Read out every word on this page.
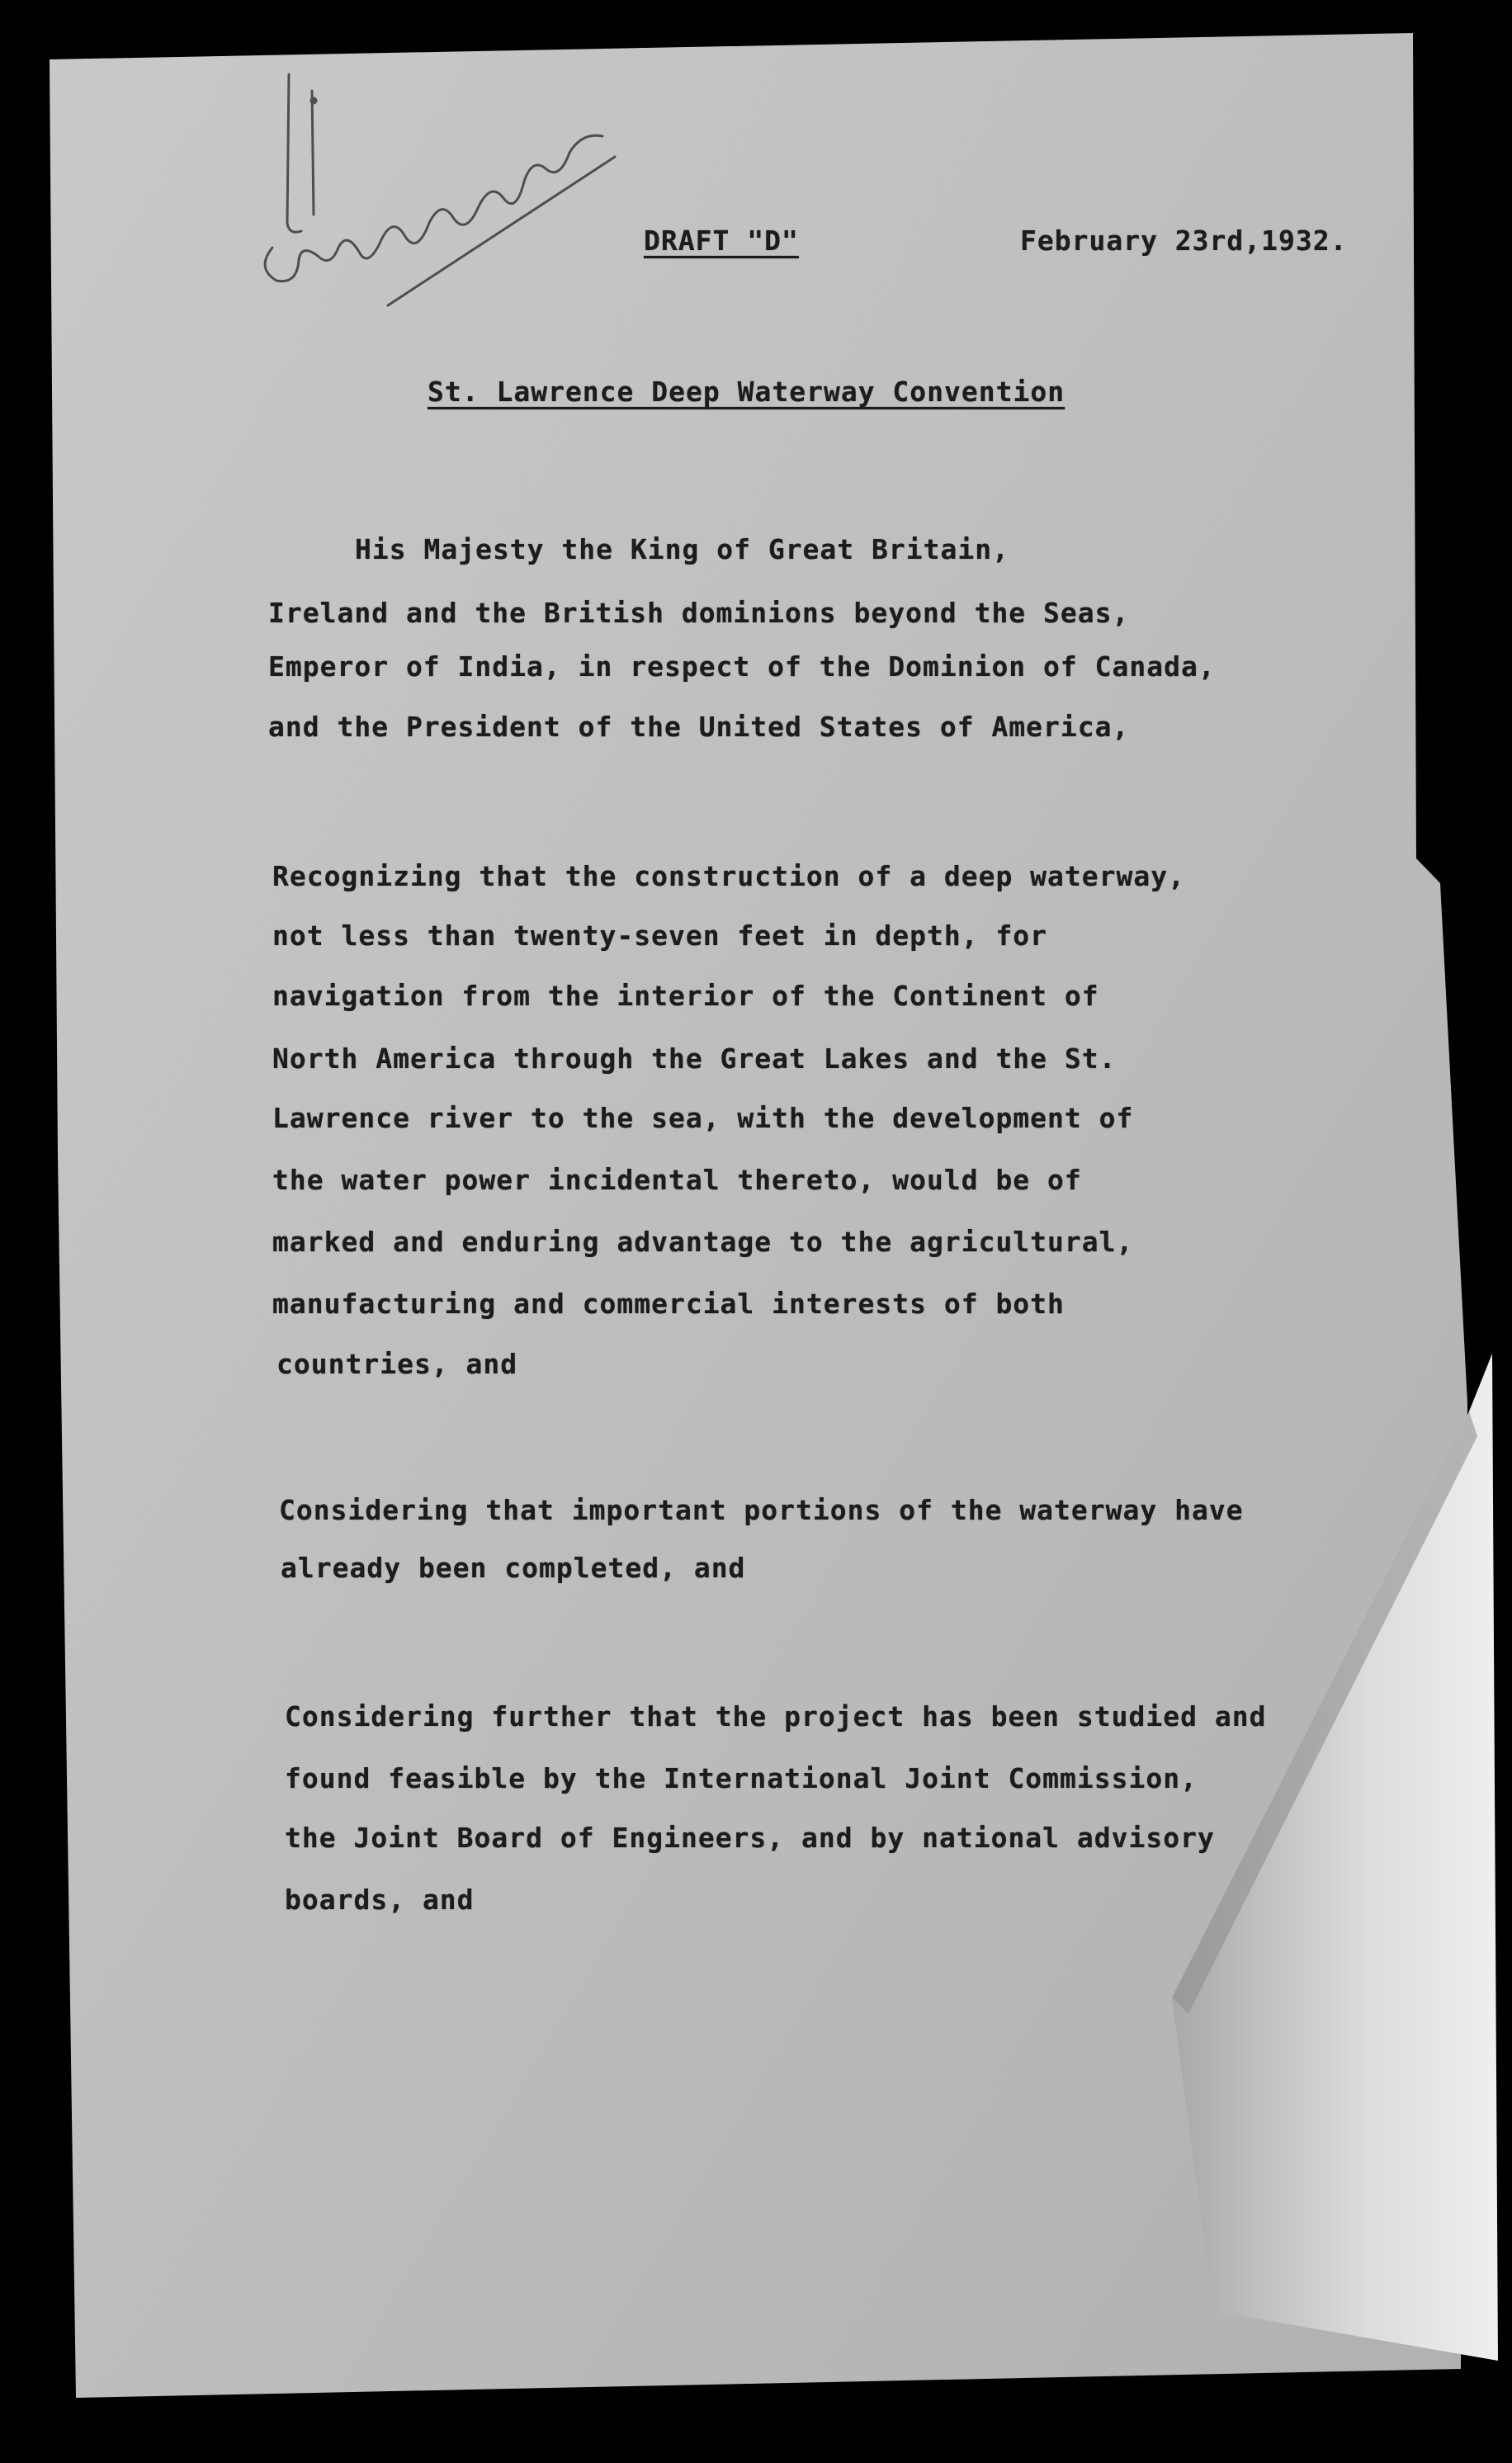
DRAFT "D"	February 23rd,1932.
St. Lawrence Deep Waterway Convention
His Majesty the King of Great Britain,
Ireland and the British dominions beyond the Seas,
Emperor of India, in respect of the Dominion of Canada,
and the President of the United States of America,
Recognizing that the construction of a deep waterway,
not less than twenty-seven feet in depth, for
navigation from the interior of the Continent of
North America through the Great Lakes and the St.
Lawrence river to the sea, with the development of
the water power incidental thereto, would be of
marked and enduring advantage to the agricultural,
manufacturing and commercial interests of both
countries, and
Considering that important portions of the waterway have
already been completed, and
Considering further that the project has been studied and
found feasible by the International Joint Commission,
the Joint Board of Engineers, and by national advisory
boards, and
